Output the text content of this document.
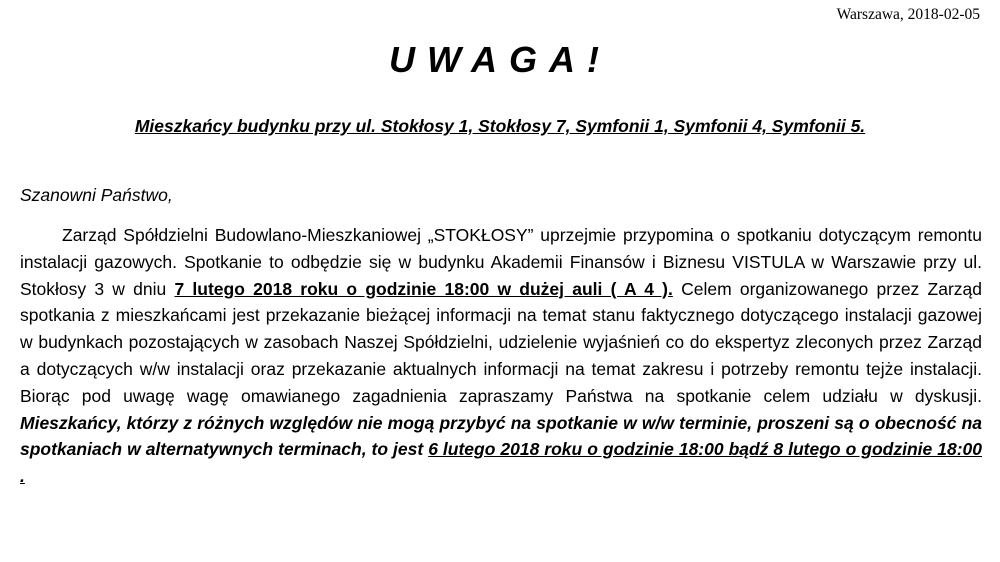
Warszawa, 2018-02-05
UWAGA!
Mieszkańcy budynku przy ul. Stokłosy 1, Stokłosy 7, Symfonii 1, Symfonii 4, Symfonii 5.
Szanowni Państwo,

Zarząd Spółdzielni Budowlano-Mieszkaniowej „STOKŁOSY” uprzejmie przypomina o spotkaniu dotyczącym remontu instalacji gazowych. Spotkanie to odbędzie się w budynku Akademii Finansów i Biznesu VISTULA w Warszawie przy ul. Stokłosy 3 w dniu 7 lutego 2018 roku o godzinie 18:00 w dużej auli ( A 4 ). Celem organizowanego przez Zarząd spotkania z mieszkańcami jest przekazanie bieżącej informacji na temat stanu faktycznego dotyczącego instalacji gazowej w budynkach pozostających w zasobach Naszej Spółdzielni, udzielenie wyjaśnień co do ekspertyz zleconych przez Zarząd a dotyczących w/w instalacji oraz przekazanie aktualnych informacji na temat zakresu i potrzeby remontu tejże instalacji. Biorąc pod uwagę wagę omawianego zagadnienia zapraszamy Państwa na spotkanie celem udziału w dyskusji. Mieszkańcy, którzy z różnych względów nie mogą przybyć na spotkanie w w/w terminie, proszeni są o obecność na spotkaniach w alternatywnych terminach, to jest 6 lutego 2018 roku o godzinie 18:00 bądź 8 lutego o godzinie 18:00 .
